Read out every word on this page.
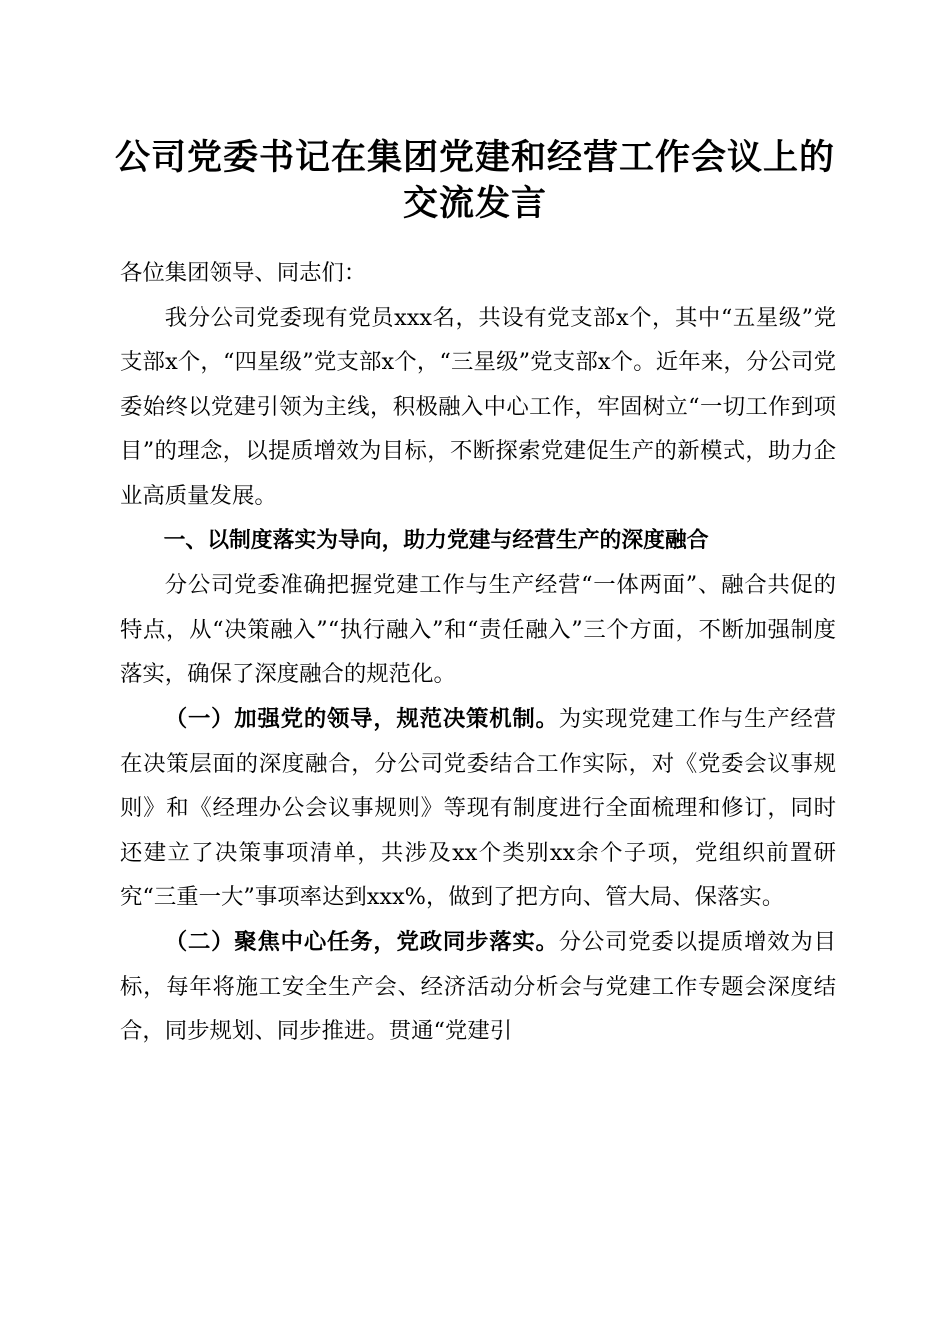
公司党委书记在集团党建和经营工作会议上的
交流发言

各位集团领导、同志们：

我分公司党委现有党员xxx名，共设有党支部x个，其中“五星级”党支部x个，“四星级”党支部x个，“三星级”党支部x个。近年来，分公司党委始终以党建引领为主线，积极融入中心工作，牢固树立“一切工作到项目”的理念，以提质增效为目标，不断探索党建促生产的新模式，助力企业高质量发展。

一、以制度落实为导向，助力党建与经营生产的深度融合

分公司党委准确把握党建工作与生产经营“一体两面”、融合共促的特点，从“决策融入”“执行融入”和“责任融入”三个方面，不断加强制度落实，确保了深度融合的规范化。

（一）加强党的领导，规范决策机制。为实现党建工作与生产经营在决策层面的深度融合，分公司党委结合工作实际，对《党委会议事规则》和《经理办公会议事规则》等现有制度进行全面梳理和修订，同时还建立了决策事项清单，共涉及xx个类别xx余个子项，党组织前置研究“三重一大”事项率达到xxx%，做到了把方向、管大局、保落实。

（二）聚焦中心任务，党政同步落实。分公司党委以提质增效为目标，每年将施工安全生产会、经济活动分析会与党建工作专题会深度结合，同步规划、同步推进。贯通“党建引
